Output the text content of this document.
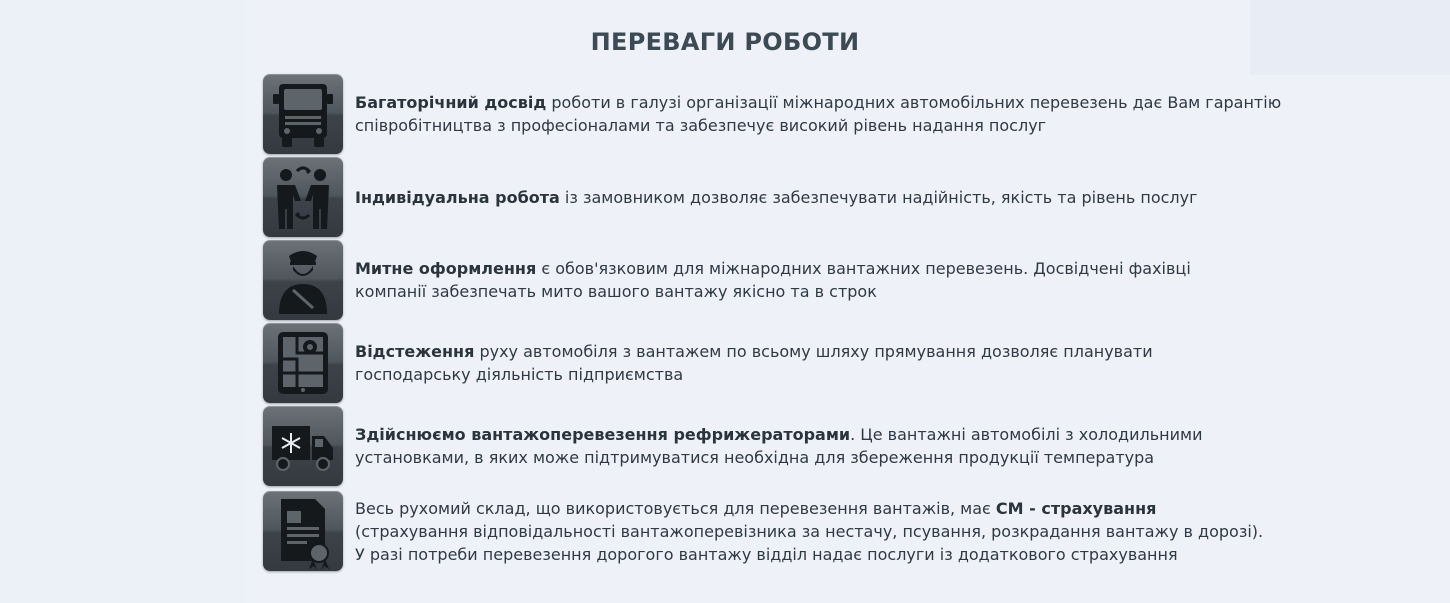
ПЕРЕВАГИ РОБОТИ
Багаторічний досвід роботи в галузі організації міжнародних автомобільних перевезень дає Вам гарантію
співробітництва з професіоналами та забезпечує високий рівень надання послуг
Індивідуальна робота із замовником дозволяє забезпечувати надійність, якість та рівень послуг
Митне оформлення є обов'язковим для міжнародних вантажних перевезень. Досвідчені фахівці
компанії забезпечать мито вашого вантажу якісно та в строк
Відстеження руху автомобіля з вантажем по всьому шляху прямування дозволяє планувати
господарську діяльність підприємства
Здійснюємо вантажоперевезення рефрижераторами. Це вантажні автомобілі з холодильними
установками, в яких може підтримуватися необхідна для збереження продукції температура
Весь рухомий склад, що використовується для перевезення вантажів, має CM - страхування
(страхування відповідальності вантажоперевізника за нестачу, псування, розкрадання вантажу в дорозі).
У разі потреби перевезення дорогого вантажу відділ надає послуги із додаткового страхування
